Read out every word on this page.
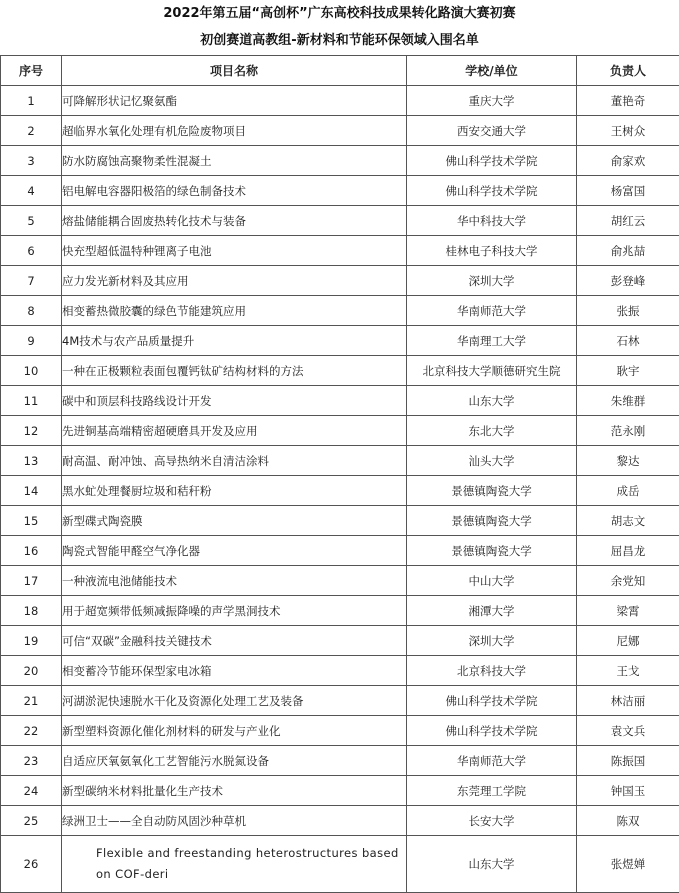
2022年第五届“高创杯”广东高校科技成果转化路演大赛初赛
初创赛道高教组-新材料和节能环保领域入围名单
序号	项目名称	学校/单位	负责人
1	可降解形状记忆聚氨酯	重庆大学	董艳奇
2	超临界水氧化处理有机危险废物项目	西安交通大学	王树众
3	防水防腐蚀高聚物柔性混凝土	佛山科学技术学院	俞家欢
4	铝电解电容器阳极箔的绿色制备技术	佛山科学技术学院	杨富国
5	熔盐储能耦合固废热转化技术与装备	华中科技大学	胡红云
6	快充型超低温特种锂离子电池	桂林电子科技大学	俞兆喆
7	应力发光新材料及其应用	深圳大学	彭登峰
8	相变蓄热微胶囊的绿色节能建筑应用	华南师范大学	张振
9	4M技术与农产品质量提升	华南理工大学	石林
10	一种在正极颗粒表面包覆钙钛矿结构材料的方法	北京科技大学顺德研究生院	耿宇
11	碳中和顶层科技路线设计开发	山东大学	朱维群
12	先进铜基高端精密超硬磨具开发及应用	东北大学	范永刚
13	耐高温、耐冲蚀、高导热纳米自清洁涂料	汕头大学	黎达
14	黑水虻处理餐厨垃圾和秸秆粉	景德镇陶瓷大学	成岳
15	新型碟式陶瓷膜	景德镇陶瓷大学	胡志文
16	陶瓷式智能甲醛空气净化器	景德镇陶瓷大学	屈昌龙
17	一种液流电池储能技术	中山大学	余党知
18	用于超宽频带低频减振降噪的声学黑洞技术	湘潭大学	梁霄
19	可信“双碳”金融科技关键技术	深圳大学	尼娜
20	相变蓄冷节能环保型家电冰箱	北京科技大学	王戈
21	河湖淤泥快速脱水干化及资源化处理工艺及装备	佛山科学技术学院	林洁丽
22	新型塑料资源化催化剂材料的研发与产业化	佛山科学技术学院	袁文兵
23	自适应厌氧氨氧化工艺智能污水脱氮设备	华南师范大学	陈振国
24	新型碳纳米材料批量化生产技术	东莞理工学院	钟国玉
25	绿洲卫士——全自动防风固沙种草机	长安大学	陈双
26	Flexible and freestanding heterostructures based on COF-deri	山东大学	张煜婵
